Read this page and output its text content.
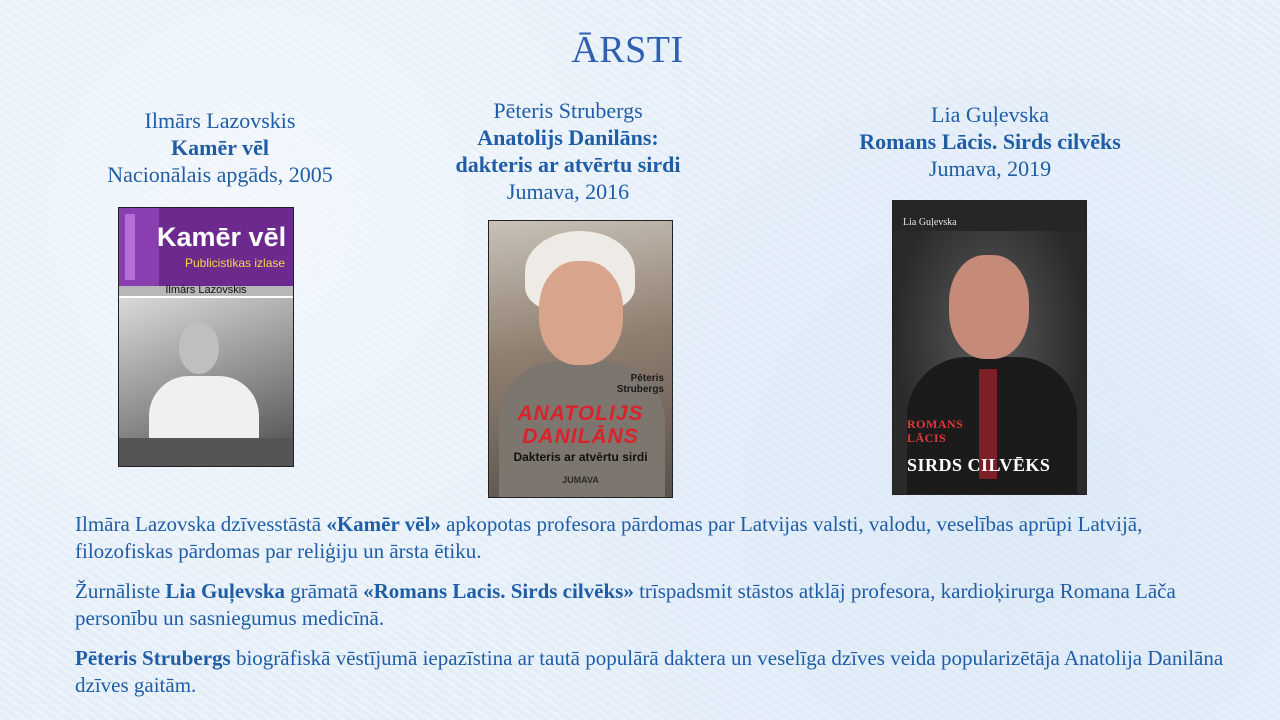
ĀRSTI
Ilmārs Lazovskis
Kamēr vēl
Nacionālais apgāds, 2005
Pēteris Strubergs
Anatolijs Danilāns:
dakteris ar atvērtu sirdi
Jumava, 2016
Lia Guļevska
Romans Lācis. Sirds cilvēks
Jumava, 2019
Kamēr vēl
Publicistikas izlase
Ilmārs Lazovskis
Pēteris
Strubergs
ANATOLIJS
DANILĀNS
Dakteris ar atvērtu sirdi
JUMAVA
Lia Guļevska
ROMANS
LĀCIS
SIRDS CILVĒKS

Ilmāra Lazovska dzīvesstāstā «Kamēr vēl» apkopotas profesora pārdomas par Latvijas valsti, valodu, veselības aprūpi Latvijā, filozofiskas pārdomas par reliģiju un ārsta ētiku.

Žurnāliste Lia Guļevska grāmatā «Romans Lacis. Sirds cilvēks» trīspadsmit stāstos atklāj profesora, kardioķirurga Romana Lāča personību un sasniegumus medicīnā.

Pēteris Strubergs biogrāfiskā vēstījumā iepazīstina ar tautā populārā daktera un veselīga dzīves veida popularizētāja Anatolija Danilāna dzīves gaitām.
